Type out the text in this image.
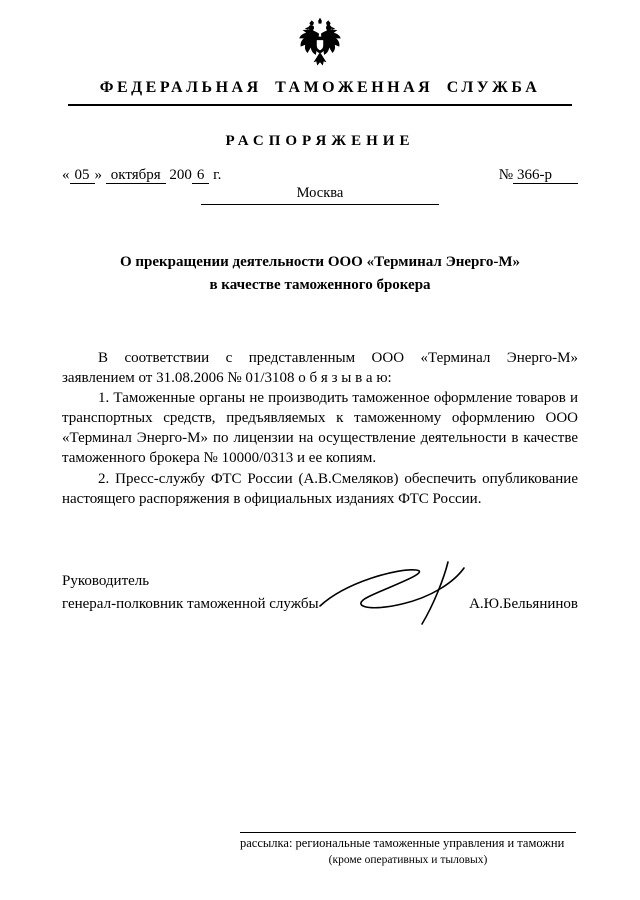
ФЕДЕРАЛЬНАЯ ТАМОЖЕННАЯ СЛУЖБА
РАСПОРЯЖЕНИЕ
« 05 » октября 200 6 г.	№ 366-р
Москва
О прекращении деятельности ООО «Терминал Энерго-М»
в качестве таможенного брокера

В соответствии с представленным ООО «Терминал Энерго-М» заявлением от 31.08.2006 № 01/3108 о б я з ы в а ю:

1. Таможенные органы не производить таможенное оформление товаров и транспортных средств, предъявляемых к таможенному оформлению ООО «Терминал Энерго-М» по лицензии на осуществление деятельности в качестве таможенного брокера № 10000/0313 и ее копиям.

2. Пресс-службу ФТС России (А.В.Смеляков) обеспечить опубликование настоящего распоряжения в официальных изданиях ФТС России.

Руководитель
генерал-полковник таможенной службы	А.Ю.Бельянинов
рассылка: региональные таможенные управления и таможни
(кроме оперативных и тыловых)
